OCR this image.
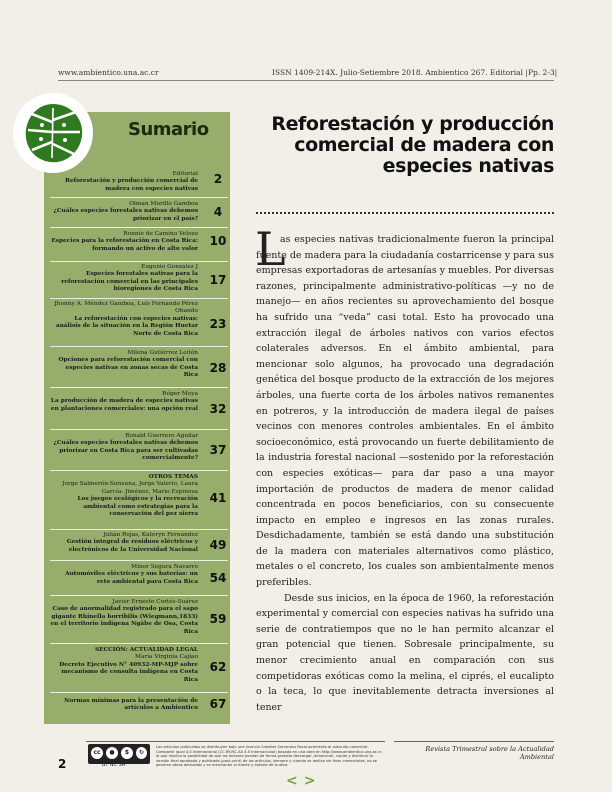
www.ambientico.una.ac.cr	ISSN 1409-214X. Julio-Setiembre 2018. Ambientico 267. Editorial |Pp. 2-3|
Sumario
Editorial
Reforestación y producción comercial de madera con especies nativas
2
Olman Murillo Gamboa
¿Cuáles especies forestales nativas debemos priorizar en el país?	4
Ronnie de Camino Velozo
Especies para la reforestación en Costa Rica: formando un activo de alto valor
10
Eugenio González J
Especies forestales nativas para la reforestación comercial en las principales bioregiones de Costa Rica
17
Jhonny A. Méndez Gamboa, Luis Fernando Pérez Obando
La reforestación con especies nativas: análisis de la situación en la Región Huetar Norte de Costa Rica
23
Milena Gutiérrez Leitón
Opciones para reforestación comercial con especies nativas en zonas secas de Costa Rica
28
Róger Moya
La producción de madera de especies nativas en plantaciones comerciales: una opción real 32
Ronald Guerrero Aguilar
¿Cuáles especies forestales nativas debemos priorizar en Costa Rica para ser cultivadas comercialmente?
37
OTROS TEMAS
Jorge Salmerón-Sunsuna, Jorge Valerio, Laura García- Jiménez, Mario Espinoza
Los juegos ecológicos y la recreación ambiental como estrategias para la conservación del pez sierra
41
Julián Rojas, Kateryn Fernández
Gestión integral de residuos eléctricos y electrónicos de la Universidad Nacional 49
Minor Segura Navarro
Automóviles eléctricos y sus baterías: un reto ambiental para Costa Rica 54
Javier Ernesto Cortés-Suárez
Caso de anormalidad registrado para el sapo gigante Rhinella horribilis (Wiegmann,1833) en el territorio indígena Ngäbe de Osa, Costa Rica
59
SECCIÓN: ACTUALIDAD LEGAL
María Virginia Cajiao
Decreto Ejecutivo N° 40932-MP-MJP sobre mecanismo de consulta indígena en Costa Rica
62
Normas mínimas para la presentación de artículos a Ambientico 67
Reforestación y producción comercial de madera con especies nativas
L

as especies nativas tradicionalmente fueron la principal fuente de madera para la ciudadanía costarricense y para sus empresas exportadoras de artesanías y muebles. Por diversas razones, principalmente administrativo-políticas —y no de manejo— en años recientes su aprovechamiento del bosque ha sufrido una “veda” casi total. Esto ha provocado una extracción ilegal de árboles nativos con varios efectos colaterales adversos. En el ámbito ambiental, para mencionar solo algunos, ha provocado una degradación genética del bosque producto de la extracción de los mejores árboles, una fuerte corta de los árboles nativos remanentes en potreros, y la introducción de madera ilegal de países vecinos con menores controles ambientales. En el ámbito socioeconómico, está provocando un fuerte debilitamiento de la industria forestal nacional —sostenido por la reforestación con especies exóticas— para dar paso a una mayor importación de productos de madera de menor calidad concentrada en pocos beneficiarios, con su consecuente impacto en empleo e ingresos en las zonas rurales. Desdichadamente, también se está dando una substitución de la madera con materiales alternativos como plástico, metales o el concreto, los cuales son ambientalmente menos preferibles.

Desde sus inicios, en la época de 1960, la reforestación experimental y comercial con especies nativas ha sufrido una serie de contratiempos que no le han permito alcanzar el gran potencial que tienen. Sobresale principalmente, su menor crecimiento anual en comparación con sus competidoras exóticas como la melina, el ciprés, el eucalipto o la teca, lo que inevitablemente detracta inversiones al tener

2
cc	●	$	↻
BY NC SA
Los artículos publicados se distribuyen bajo una licencia Creative Commons Reconocimiento al autor-No comercial-Compartir igual 4.0 Internacional (CC BY-NC-SA 4.0 Internacional) basada en una obra en http://www.ambientico.una.ac.cr, lo que implica la posibilidad de que los lectores puedan de forma gratuita descargar, almacenar, copiar y distribuir la versión final aprobada y publicada (post print) de los artículos, siempre y cuando se realice sin fines comerciales, no se generen obras derivadas y se mencionen la fuente y autoría de la obra.
Revista Trimestral sobre la Actualidad Ambiental
<>
